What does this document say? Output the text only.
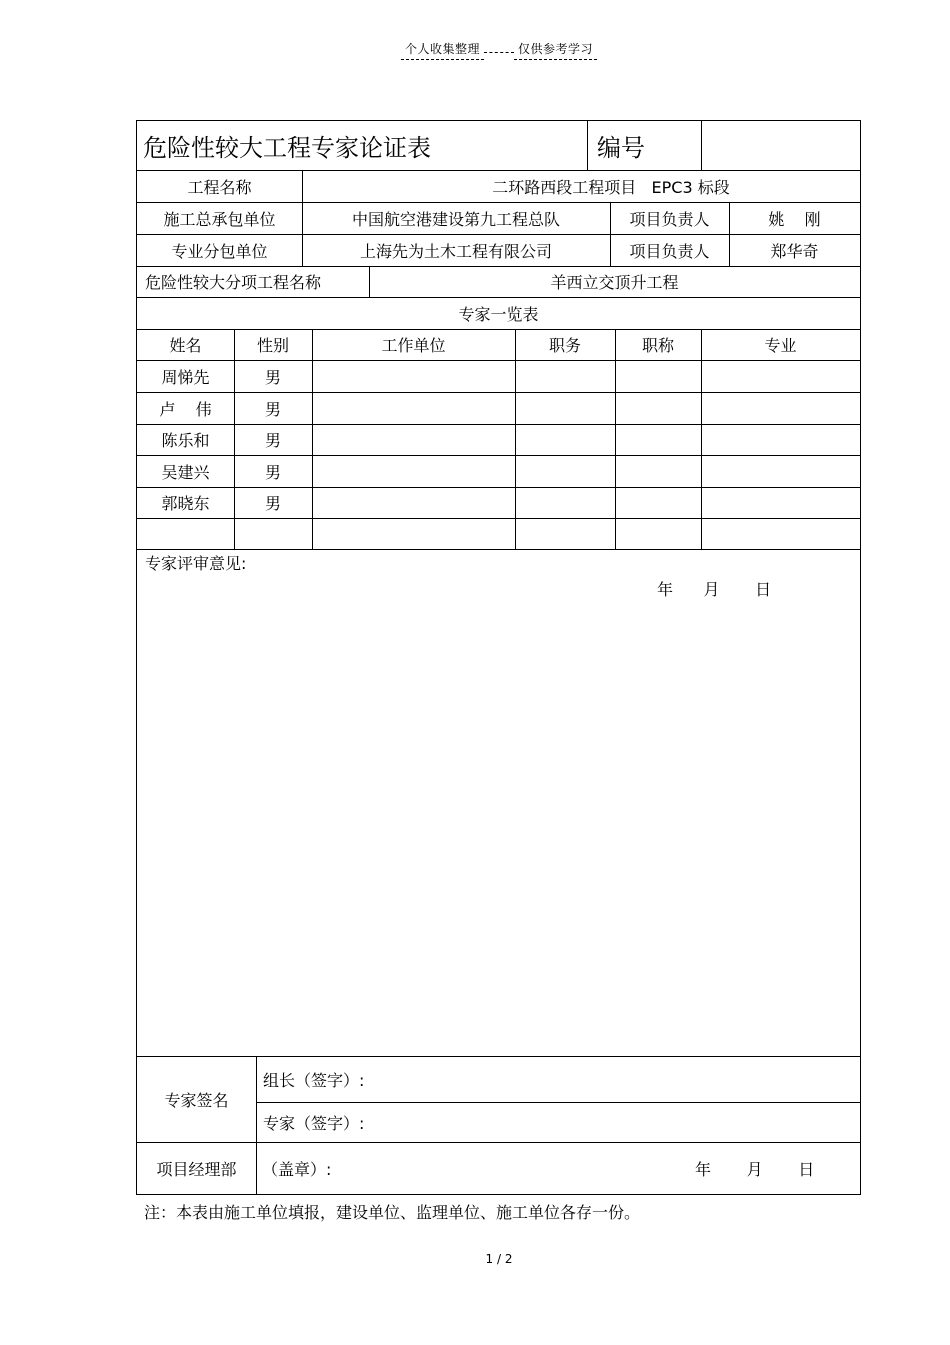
个人收集整理	仅供参考学习
危险性较大工程专家论证表	编号
工程名称	二环路西段工程项目   EPC3 标段
施工总承包单位	中国航空港建设第九工程总队	项目负责人	姚    刚
专业分包单位	上海先为土木工程有限公司	项目负责人	郑华奇
危险性较大分项工程名称	羊西立交顶升工程
专家一览表
姓名	性别	工作单位	职务	职称	专业
周悌先	男
卢    伟	男
陈乐和	男
吴建兴	男
郭晓东	男
专家评审意见:
年      月       日
专家签名
组长（签字）:
专家（签字）:
项目经理部	（盖章）:	年       月       日
注：本表由施工单位填报，建设单位、监理单位、施工单位各存一份。
1 / 2
